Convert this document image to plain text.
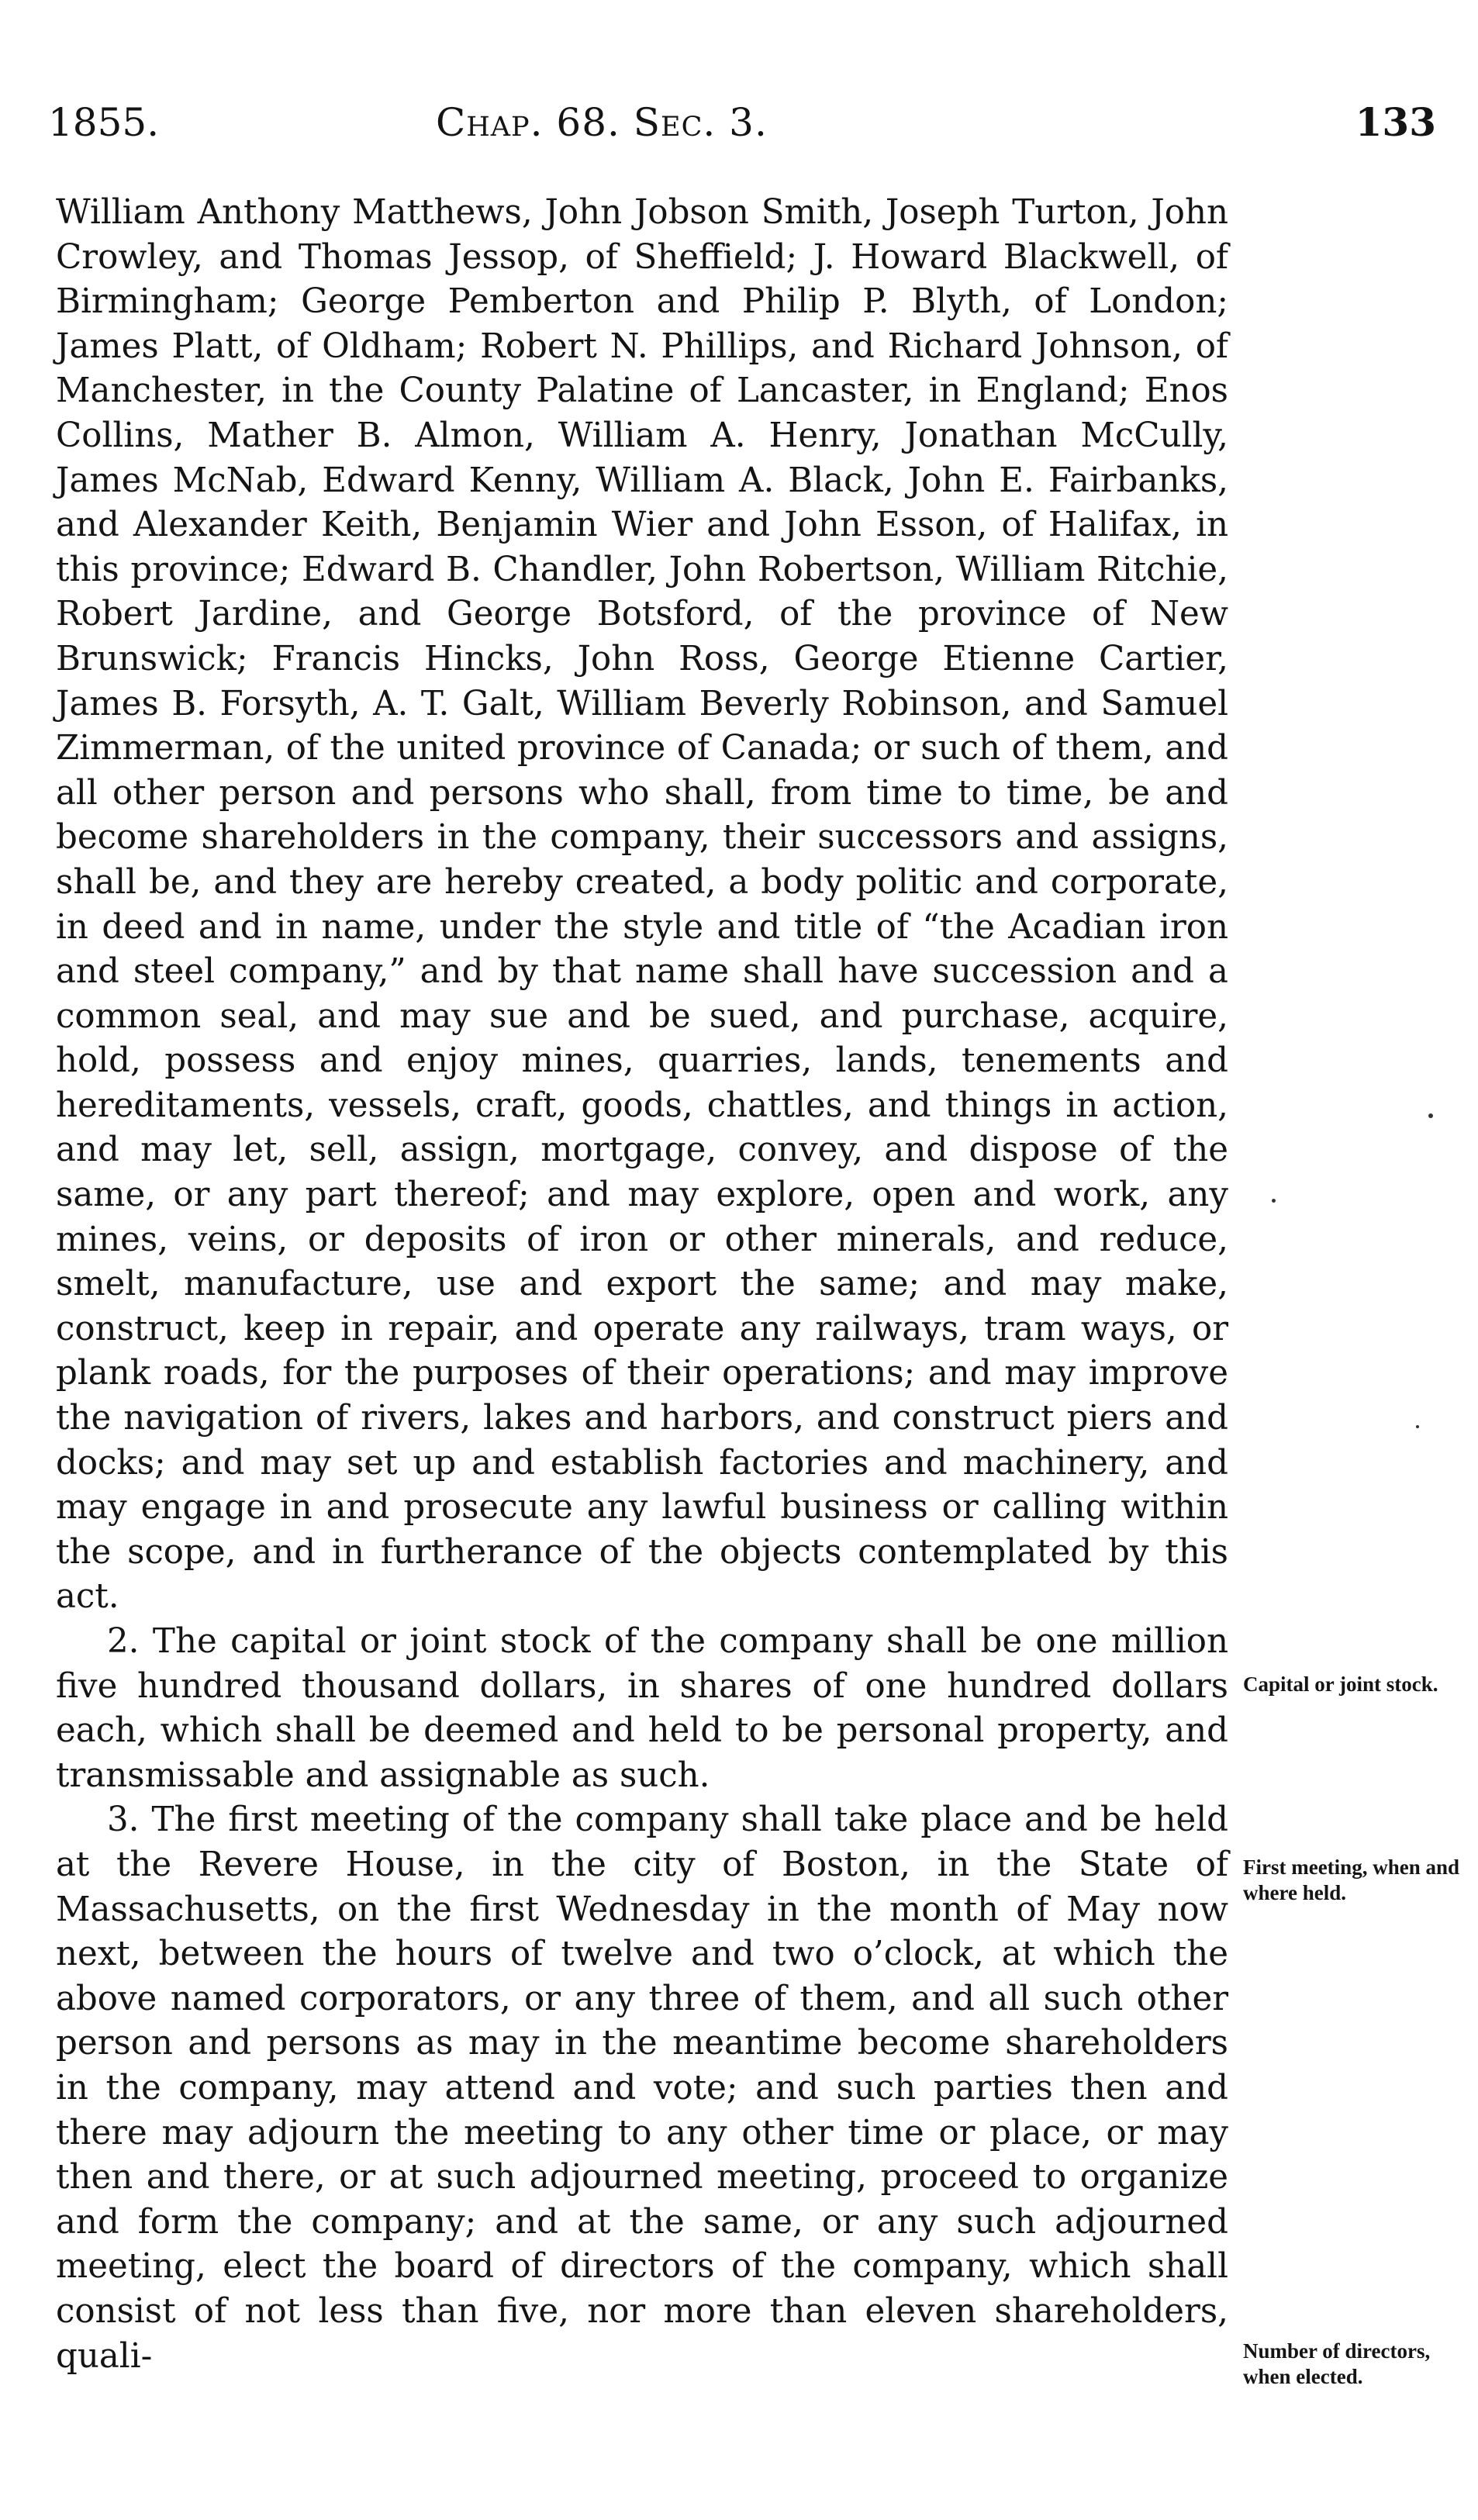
1855.	Chap. 68. Sec. 3.	133

William Anthony Matthews, John Jobson Smith, Joseph Turton, John Crowley, and Thomas Jessop, of Sheffield; J. Howard Blackwell, of Birmingham; George Pemberton and Philip P. Blyth, of London; James Platt, of Oldham; Robert N. Phillips, and Richard Johnson, of Manchester, in the County Palatine of Lancaster, in England; Enos Collins, Mather B. Almon, William A. Henry, Jonathan McCully, James McNab, Edward Kenny, William A. Black, John E. Fairbanks, and Alexander Keith, Benjamin Wier and John Esson, of Halifax, in this province; Edward B. Chandler, John Robertson, William Ritchie, Robert Jardine, and George Botsford, of the province of New Brunswick; Francis Hincks, John Ross, George Etienne Cartier, James B. Forsyth, A. T. Galt, William Beverly Robinson, and Samuel Zimmerman, of the united province of Canada; or such of them, and all other person and persons who shall, from time to time, be and become shareholders in the company, their successors and assigns, shall be, and they are hereby created, a body politic and corporate, in deed and in name, under the style and title of “the Acadian iron and steel company,” and by that name shall have succession and a common seal, and may sue and be sued, and purchase, acquire, hold, possess and enjoy mines, quarries, lands, tenements and hereditaments, vessels, craft, goods, chattles, and things in action, and may let, sell, assign, mortgage, convey, and dispose of the same, or any part thereof; and may explore, open and work, any mines, veins, or deposits of iron or other minerals, and reduce, smelt, manufacture, use and export the same; and may make, construct, keep in repair, and operate any railways, tram ways, or plank roads, for the purposes of their operations; and may improve the navigation of rivers, lakes and harbors, and construct piers and docks; and may set up and establish factories and machinery, and may engage in and prosecute any lawful business or calling within the scope, and in furtherance of the objects contemplated by this act.

2. The capital or joint stock of the company shall be one million five hundred thousand dollars, in shares of one hundred dollars each, which shall be deemed and held to be personal property, and transmissable and assignable as such.

3. The first meeting of the company shall take place and be held at the Revere House, in the city of Boston, in the State of Massachusetts, on the first Wednesday in the month of May now next, between the hours of twelve and two o’clock, at which the above named corporators, or any three of them, and all such other person and persons as may in the meantime become shareholders in the company, may attend and vote; and such parties then and there may adjourn the meeting to any other time or place, or may then and there, or at such adjourned meeting, proceed to organize and form the company; and at the same, or any such adjourned meeting, elect the board of directors of the company, which shall consist of not less than five, nor more than eleven shareholders, quali-

Capital or joint stock.
First meeting, when and where held.
Number of directors, when elected.
